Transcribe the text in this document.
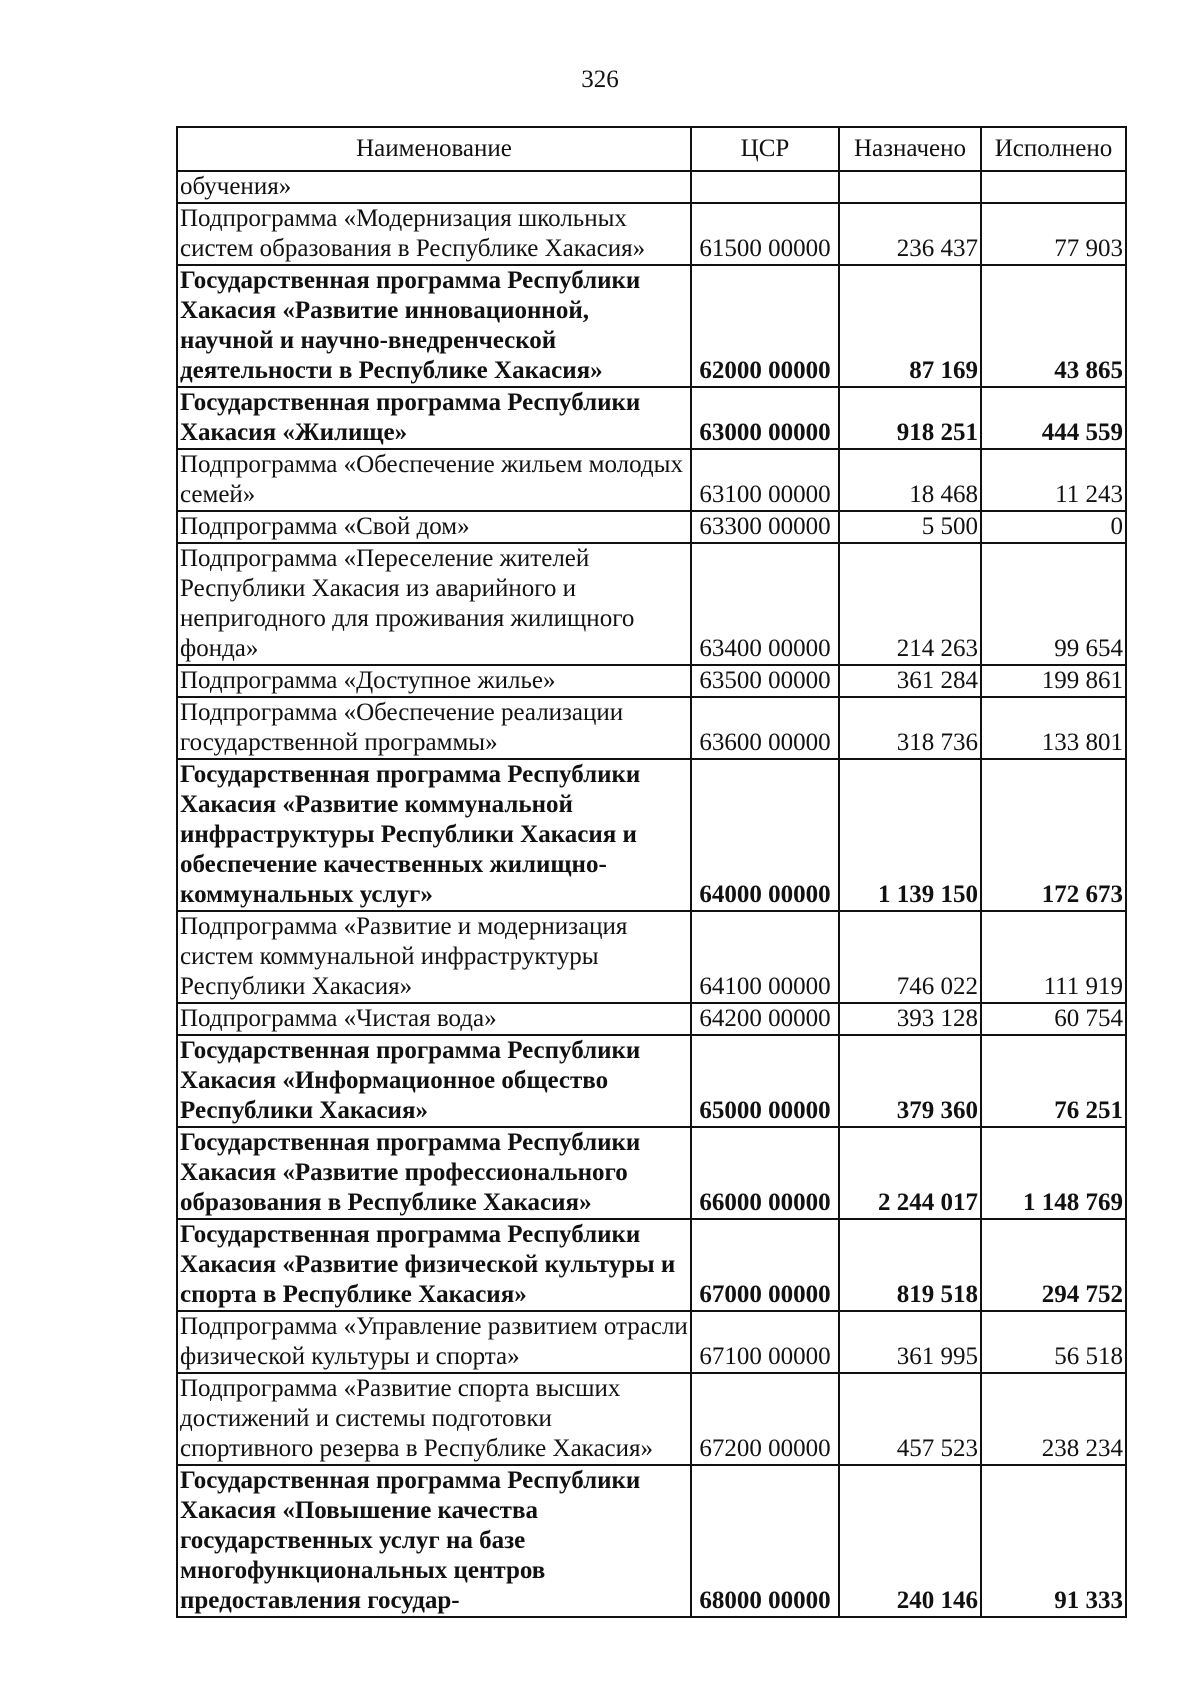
326
Наименование	ЦСР	Назначено	Исполнено
обучения»			
Подпрограмма «Модернизация школьных систем образования в Республике Хакасия»	61500 00000	236 437	77 903
Государственная программа Республики Хакасия «Развитие инновационной, научной и научно-внедренческой деятельности в Республике Хакасия»	62000 00000	87 169	43 865
Государственная программа Республики Хакасия «Жилище»	63000 00000	918 251	444 559
Подпрограмма «Обеспечение жильем молодых семей»	63100 00000	18 468	11 243
Подпрограмма «Свой дом»	63300 00000	5 500	0
Подпрограмма «Переселение жителей Республики Хакасия из аварийного и непригодного для проживания жилищного фонда»	63400 00000	214 263	99 654
Подпрограмма «Доступное жилье»	63500 00000	361 284	199 861
Подпрограмма «Обеспечение реализации государственной программы»	63600 00000	318 736	133 801
Государственная программа Республики Хакасия «Развитие коммунальной инфраструктуры Республики Хакасия и обеспечение качественных жилищно-коммунальных услуг»	64000 00000	1 139 150	172 673
Подпрограмма «Развитие и модернизация систем коммунальной инфраструктуры Республики Хакасия»	64100 00000	746 022	111 919
Подпрограмма «Чистая вода»	64200 00000	393 128	60 754
Государственная программа Республики Хакасия «Информационное общество Республики Хакасия»	65000 00000	379 360	76 251
Государственная программа Республики Хакасия «Развитие профессионального образования в Республике Хакасия»	66000 00000	2 244 017	1 148 769
Государственная программа Республики Хакасия «Развитие физической культуры и спорта в Республике Хакасия»	67000 00000	819 518	294 752
Подпрограмма «Управление развитием отрасли физической культуры и спорта»	67100 00000	361 995	56 518
Подпрограмма «Развитие спорта высших достижений и системы подготовки спортивного резерва в Республике Хакасия»	67200 00000	457 523	238 234
Государственная программа Республики Хакасия «Повышение качества государственных услуг на базе многофункциональных центров предоставления государ-	68000 00000	240 146	91 333
